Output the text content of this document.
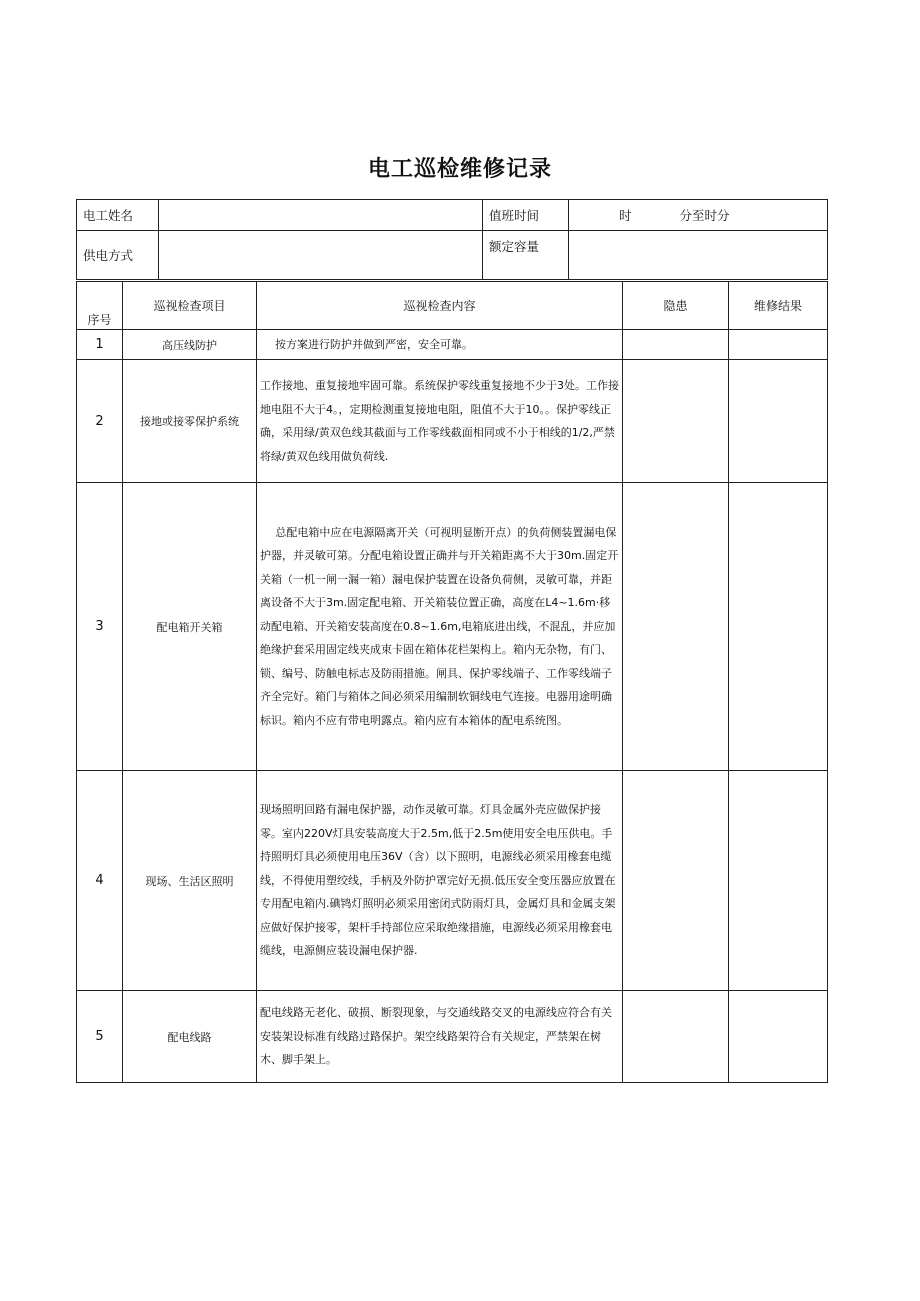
电工巡检维修记录
电工姓名		值班时间	时 分至时分
供电方式		额定容量	
序号	巡视检查项目	巡视检查内容	隐患	维修结果
1	高压线防护	按方案进行防护并做到严密，安全可靠。		
2	接地或接零保护系统	工作接地、重复接地牢固可靠。系统保护零线重复接地不少于3处。工作接地电阻不大于4。，定期检测重复接地电阻，阻值不大于10。。保护零线正确，采用绿/黄双色线其截面与工作零线截面相同或不小于相线的1/2,严禁将绿/黄双色线用做负荷线.		
3	配电箱开关箱	总配电箱中应在电源隔离开关（可视明显断开点）的负荷侧装置漏电保护器，并灵敏可第。分配电箱设置正确并与开关箱距离不大于30m.固定开关箱（一机一闸一漏一箱）漏电保护装置在设备负荷侧，灵敏可靠，并距离设备不大于3m.固定配电箱、开关箱装位置正确，高度在L4~1.6m·移动配电箱、开关箱安装高度在0.8~1.6m,电箱底进出线，不混乱，并应加绝缘护套采用固定线夹成束卡固在箱体花栏架构上。箱内无杂物，有门、锁、编号、防触电标志及防雨措施。闸具、保护零线端子、工作零线端子齐全完好。箱门与箱体之间必须采用编制软铜线电气连接。电器用途明确标识。箱内不应有带电明露点。箱内应有本箱体的配电系统图。		
4	现场、生活区照明	现场照明回路有漏电保护器，动作灵敏可靠。灯具金属外壳应做保护接零。室内220V灯具安装高度大于2.5m,低于2.5m使用安全电压供电。手持照明灯具必须使用电压36V（含）以下照明，电源线必须采用橡套电缆线，不得使用塑绞线，手柄及外防护罩完好无损.低压安全变压器应放置在专用配电箱内.碘鸨灯照明必须采用密闭式防雨灯具，金属灯具和金属支架应做好保护接零，架杆手持部位应采取绝缘措施，电源线必须采用橡套电缆线，电源侧应装设漏电保护器.		
5	配电线路	配电线路无老化、破损、断裂现象，与交通线路交叉的电源线应符合有关安装架设标准有线路过路保护。架空线路架符合有关规定，严禁架在树木、脚手架上。		
